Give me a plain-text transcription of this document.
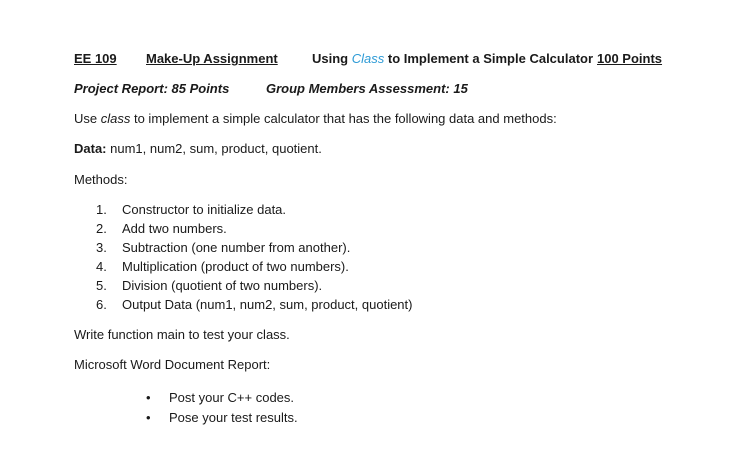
EE 109 Make-Up Assignment	Using Class to Implement a Simple Calculator 100 Points
Project Report: 85 Points	Group Members Assessment: 15
Use class to implement a simple calculator that has the following data and methods:
Data: num1, num2, sum, product, quotient.
Methods:
1. Constructor to initialize data.
2. Add two numbers.
3. Subtraction (one number from another).
4. Multiplication (product of two numbers).
5. Division (quotient of two numbers).
6. Output Data (num1, num2, sum, product, quotient)
Write function main to test your class.
Microsoft Word Document Report:
• Post your C++ codes.
• Pose your test results.
